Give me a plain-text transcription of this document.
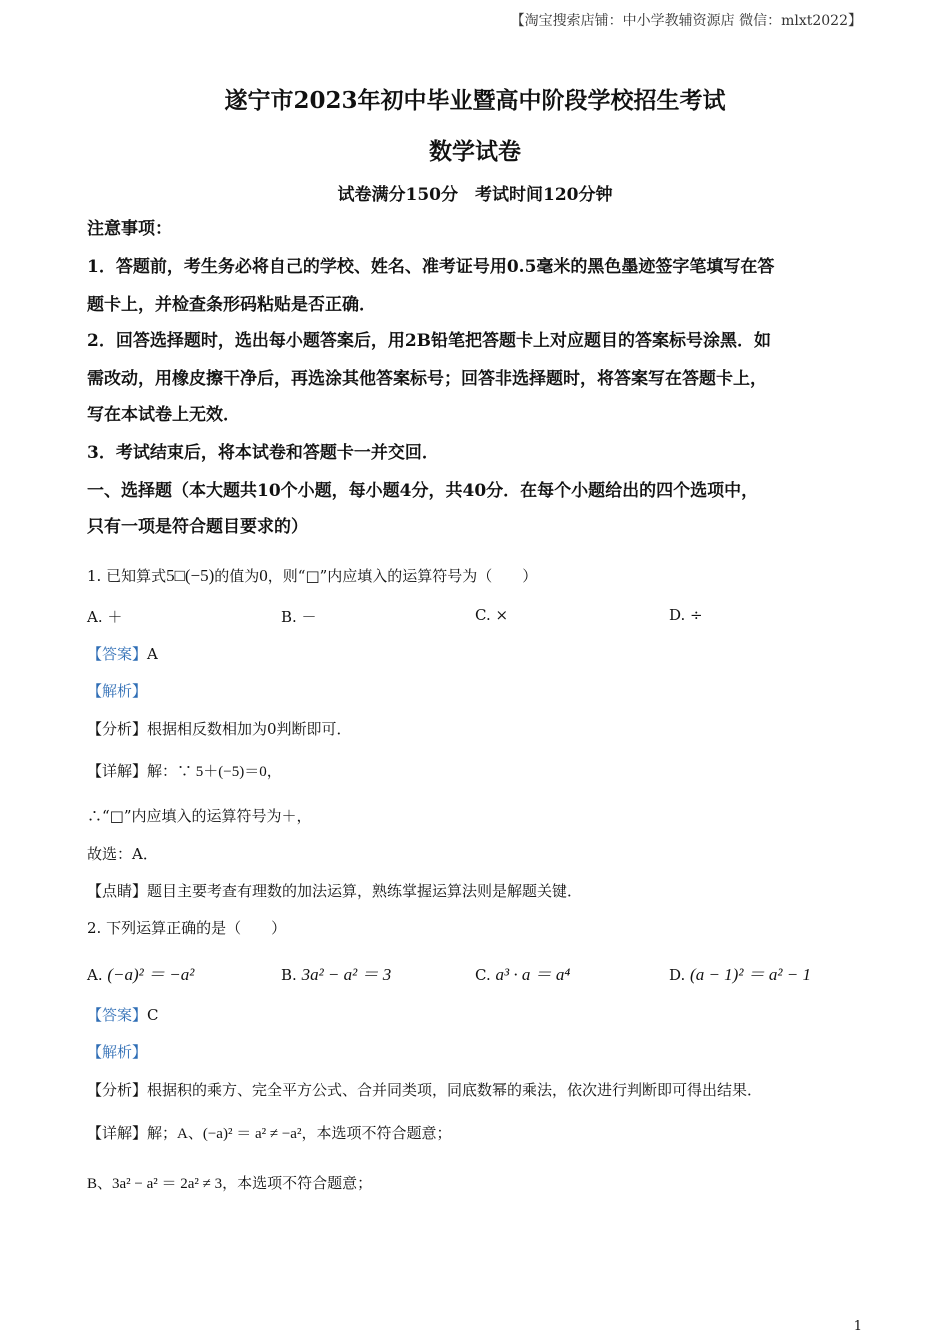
【淘宝搜索店铺：中小学教辅资源店 微信：mlxt2022】
遂宁市2023年初中毕业暨高中阶段学校招生考试
数学试卷
试卷满分150分　考试时间120分钟
注意事项：
1．答题前，考生务必将自己的学校、姓名、准考证号用0.5毫米的黑色墨迹签字笔填写在答
题卡上，并检查条形码粘贴是否正确．
2．回答选择题时，选出每小题答案后，用2B铅笔把答题卡上对应题目的答案标号涂黑．如
需改动，用橡皮擦干净后，再选涂其他答案标号；回答非选择题时，将答案写在答题卡上，
写在本试卷上无效．
3．考试结束后，将本试卷和答题卡一并交回．
一、选择题（本大题共10个小题，每小题4分，共40分．在每个小题给出的四个选项中，
只有一项是符合题目要求的）
1. 已知算式5□(−5)的值为0，则“□”内应填入的运算符号为（　　）
A. ＋	B. －	C. ×	D. ÷
【答案】A
【解析】
【分析】根据相反数相加为0判断即可．
【详解】解：∵ 5＋(−5)＝0，
∴“□”内应填入的运算符号为＋，
故选：A．
【点睛】题目主要考查有理数的加法运算，熟练掌握运算法则是解题关键．
2. 下列运算正确的是（　　）
A. (−a)² ＝ −a²	B. 3a² − a² ＝ 3	C. a³ · a ＝ a⁴	D. (a − 1)² ＝ a² − 1
【答案】C
【解析】
【分析】根据积的乘方、完全平方公式、合并同类项，同底数幂的乘法，依次进行判断即可得出结果．
【详解】解；A、(−a)² ＝ a² ≠ −a²，本选项不符合题意；
B、3a² − a² ＝ 2a² ≠ 3，本选项不符合题意；
1
